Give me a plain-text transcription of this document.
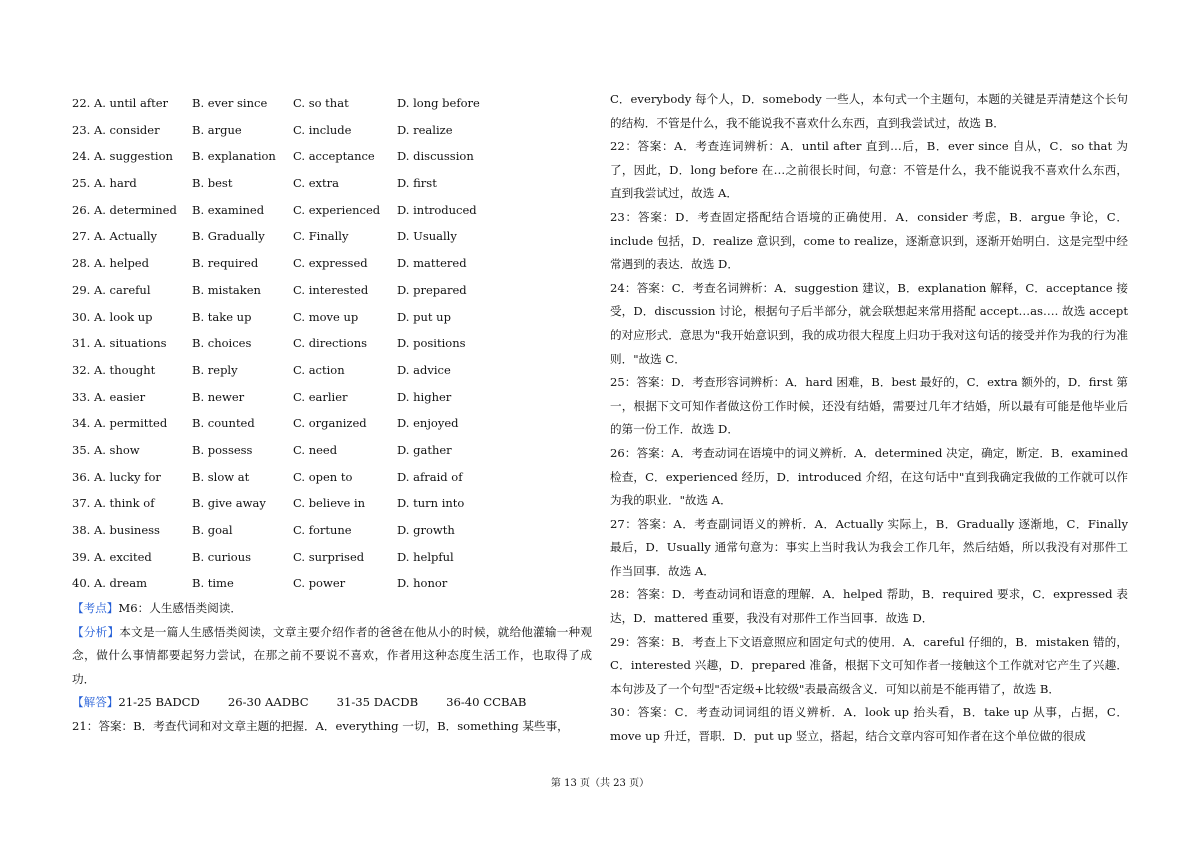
22. A. until after	B. ever since	C. so that	D. long before
23. A. consider	B. argue	C. include	D. realize
24. A. suggestion	B. explanation	C. acceptance	D. discussion
25. A. hard	B. best	C. extra	D. first
26. A. determined	B. examined	C. experienced	D. introduced
27. A. Actually	B. Gradually	C. Finally	D. Usually
28. A. helped	B. required	C. expressed	D. mattered
29. A. careful	B. mistaken	C. interested	D. prepared
30. A. look up	B. take up	C. move up	D. put up
31. A. situations	B. choices	C. directions	D. positions
32. A. thought	B. reply	C. action	D. advice
33. A. easier	B. newer	C. earlier	D. higher
34. A. permitted	B. counted	C. organized	D. enjoyed
35. A. show	B. possess	C. need	D. gather
36. A. lucky for	B. slow at	C. open to	D. afraid of
37. A. think of	B. give away	C. believe in	D. turn into
38. A. business	B. goal	C. fortune	D. growth
39. A. excited	B. curious	C. surprised	D. helpful
40. A. dream	B. time	C. power	D. honor

【考点】M6：人生感悟类阅读．

【分析】本文是一篇人生感悟类阅读，文章主要介绍作者的爸爸在他从小的时候，就给他灌输一种观念，做什么事情都要起努力尝试，在那之前不要说不喜欢，作者用这种态度生活工作，也取得了成功．

【解答】21-25 BADCD 26-30 AADBC 31-35 DACDB 36-40 CCBAB

21：答案：B．考查代词和对文章主题的把握．A．everything 一切，B．something 某些事，

C．everybody 每个人，D．somebody 一些人，本句式一个主题句，本题的关键是弄清楚这个长句的结构．不管是什么，我不能说我不喜欢什么东西，直到我尝试过，故选 B．

22：答案：A．考查连词辨析：A．until after 直到…后，B．ever since 自从，C．so that 为了，因此，D．long before 在…之前很长时间，句意：不管是什么，我不能说我不喜欢什么东西，直到我尝试过，故选 A．

23：答案：D．考查固定搭配结合语境的正确使用．A．consider 考虑，B．argue 争论，C．include 包括，D．realize 意识到，come to realize，逐渐意识到，逐渐开始明白．这是完型中经常遇到的表达．故选 D．

24：答案：C．考查名词辨析：A．suggestion 建议，B．explanation 解释，C．acceptance 接受，D．discussion 讨论，根据句子后半部分，就会联想起来常用搭配 accept…as…. 故选 accept 的对应形式．意思为"我开始意识到，我的成功很大程度上归功于我对这句话的接受并作为我的行为准则．"故选 C．

25：答案：D．考查形容词辨析：A．hard 困难，B．best 最好的，C．extra 额外的，D．first 第一，根据下文可知作者做这份工作时候，还没有结婚，需要过几年才结婚，所以最有可能是他毕业后的第一份工作．故选 D．

26：答案：A．考查动词在语境中的词义辨析．A．determined 决定，确定，断定．B．examined 检查，C．experienced 经历，D．introduced 介绍，在这句话中"直到我确定我做的工作就可以作为我的职业．"故选 A．

27：答案：A．考查副词语义的辨析．A．Actually 实际上，B．Gradually 逐渐地，C．Finally 最后，D．Usually 通常句意为：事实上当时我认为我会工作几年，然后结婚，所以我没有对那件工作当回事．故选 A．

28：答案：D．考查动词和语意的理解．A．helped 帮助，B．required 要求，C．expressed 表达，D．mattered 重要，我没有对那件工作当回事．故选 D．

29：答案：B．考查上下文语意照应和固定句式的使用．A．careful 仔细的，B．mistaken 错的，C．interested 兴趣，D．prepared 准备，根据下文可知作者一接触这个工作就对它产生了兴趣．本句涉及了一个句型"否定级+比较级"表最高级含义．可知以前是不能再错了，故选 B．

30：答案：C．考查动词词组的语义辨析．A．look up 抬头看，B．take up 从事，占据，C．move up 升迁，晋职．D．put up 竖立，搭起，结合文章内容可知作者在这个单位做的很成

第 13 页（共 23 页）
